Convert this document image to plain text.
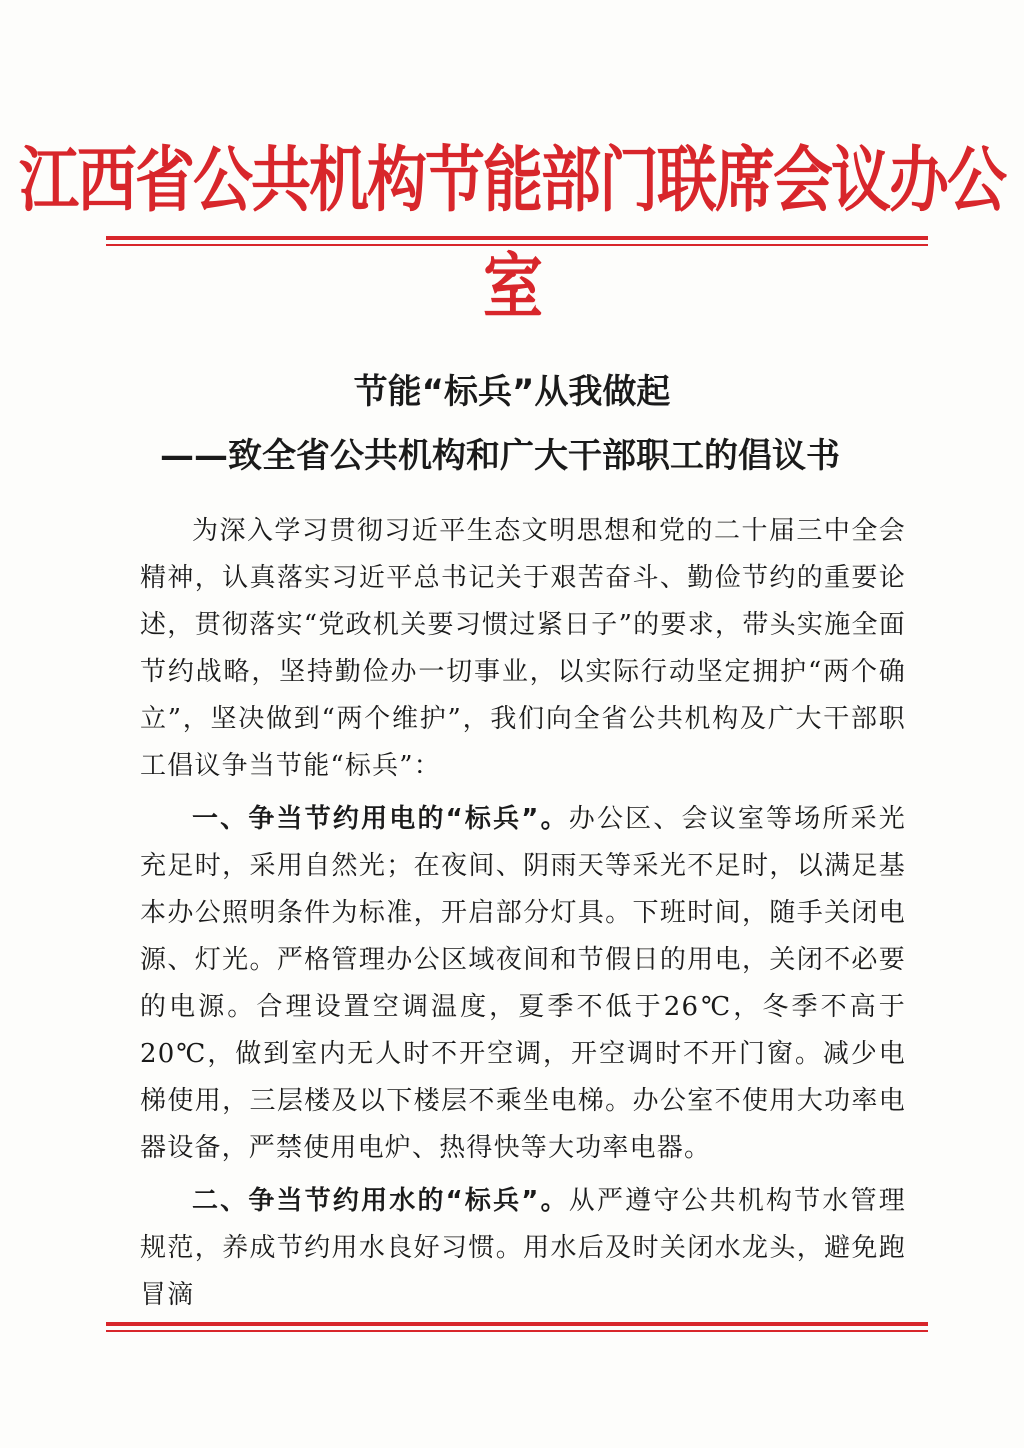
江西省公共机构节能部门联席会议办公室
节能“标兵”从我做起
——致全省公共机构和广大干部职工的倡议书

为深入学习贯彻习近平生态文明思想和党的二十届三中全会精神，认真落实习近平总书记关于艰苦奋斗、勤俭节约的重要论述，贯彻落实“党政机关要习惯过紧日子”的要求，带头实施全面节约战略，坚持勤俭办一切事业，以实际行动坚定拥护“两个确立”，坚决做到“两个维护”，我们向全省公共机构及广大干部职工倡议争当节能“标兵”：

一、争当节约用电的“标兵”。办公区、会议室等场所采光充足时，采用自然光；在夜间、阴雨天等采光不足时，以满足基本办公照明条件为标准，开启部分灯具。下班时间，随手关闭电源、灯光。严格管理办公区域夜间和节假日的用电，关闭不必要的电源。合理设置空调温度，夏季不低于26℃，冬季不高于20℃，做到室内无人时不开空调，开空调时不开门窗。减少电梯使用，三层楼及以下楼层不乘坐电梯。办公室不使用大功率电器设备，严禁使用电炉、热得快等大功率电器。

二、争当节约用水的“标兵”。从严遵守公共机构节水管理规范，养成节约用水良好习惯。用水后及时关闭水龙头，避免跑冒滴
